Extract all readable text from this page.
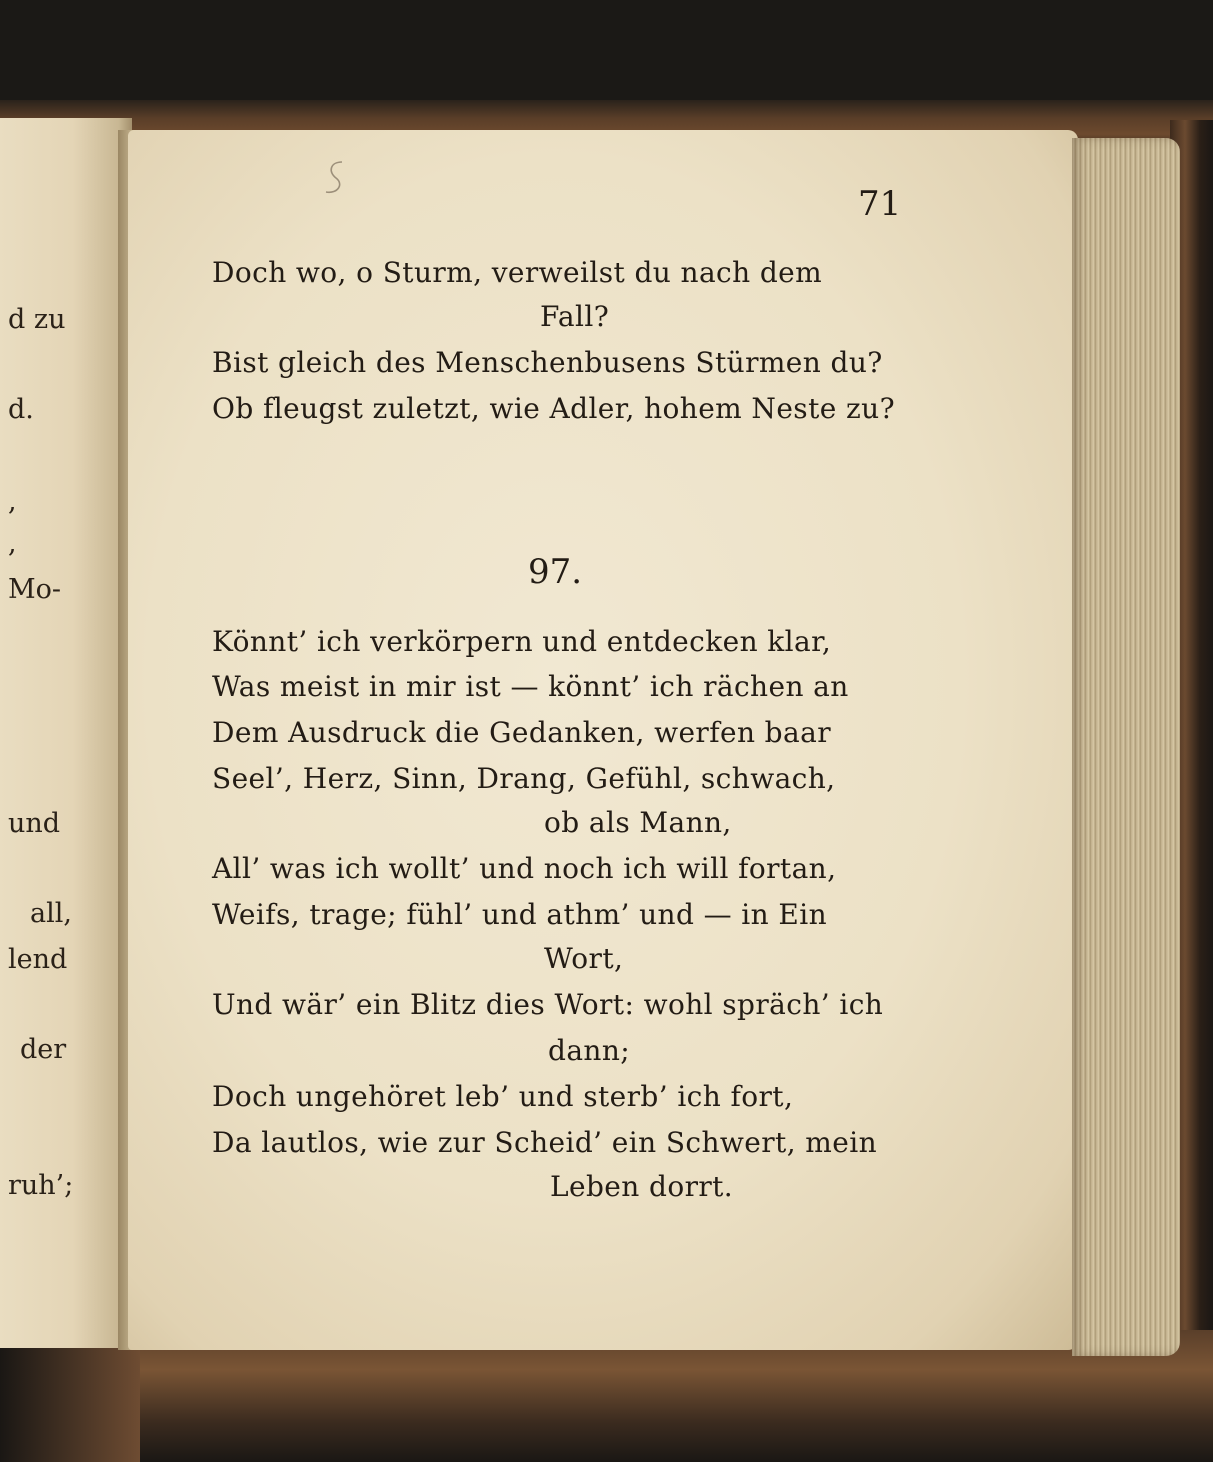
d zu
d.
,
,
Mo-
und
all,
lend
der
ruh’;
71
97.
Doch wo, o Sturm, verweilst du nach dem
Fall?
Bist gleich des Menschenbusens Stürmen du?
Ob fleugst zuletzt, wie Adler, hohem Neste zu?
Könnt’ ich verkörpern und entdecken klar,
Was meist in mir ist — könnt’ ich rächen an
Dem Ausdruck die Gedanken, werfen baar
Seel’, Herz, Sinn, Drang, Gefühl, schwach,
ob als Mann,
All’ was ich wollt’ und noch ich will fortan,
Weifs, trage; fühl’ und athm’ und — in Ein
Wort,
Und wär’ ein Blitz dies Wort: wohl spräch’ ich
dann;
Doch ungehöret leb’ und sterb’ ich fort,
Da lautlos, wie zur Scheid’ ein Schwert, mein
Leben dorrt.
